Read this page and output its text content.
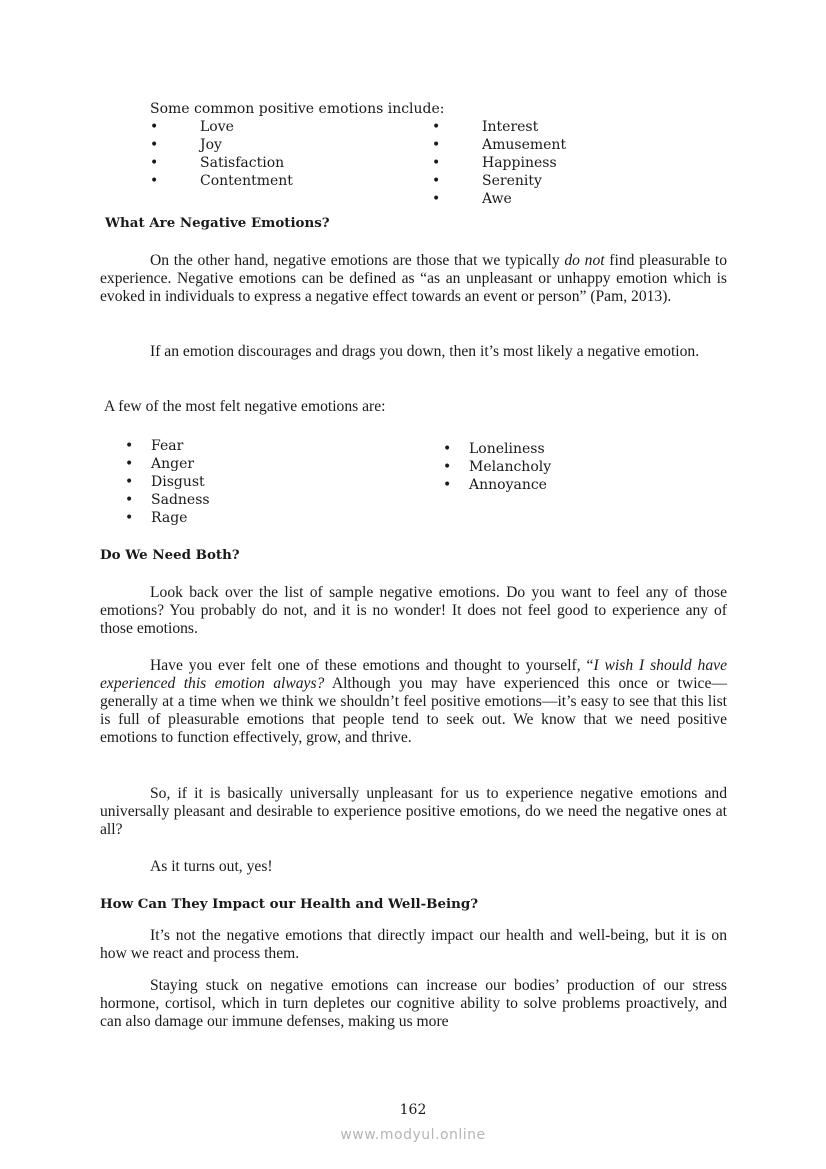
Some common positive emotions include:
•	Love
•	Joy
•	Satisfaction
•	Contentment
•	Interest
•	Amusement
•	Happiness
•	Serenity
•	Awe
What Are Negative Emotions?

On the other hand, negative emotions are those that we typically do not find pleasurable to experience. Negative emotions can be defined as “as an unpleasant or unhappy emotion which is evoked in individuals to express a negative effect towards an event or person” (Pam, 2013).

If an emotion discourages and drags you down, then it’s most likely a negative emotion.

A few of the most felt negative emotions are:

• Fear
• Anger
• Disgust
• Sadness
• Rage
• Loneliness
• Melancholy
• Annoyance
Do We Need Both?

Look back over the list of sample negative emotions. Do you want to feel any of those emotions? You probably do not, and it is no wonder! It does not feel good to experience any of those emotions.

Have you ever felt one of these emotions and thought to yourself, “I wish I should have experienced this emotion always? Although you may have experienced this once or twice—generally at a time when we think we shouldn’t feel positive emotions—it’s easy to see that this list is full of pleasurable emotions that people tend to seek out. We know that we need positive emotions to function effectively, grow, and thrive.

So, if it is basically universally unpleasant for us to experience negative emotions and universally pleasant and desirable to experience positive emotions, do we need the negative ones at all?

As it turns out, yes!

How Can They Impact our Health and Well-Being?

It’s not the negative emotions that directly impact our health and well-being, but it is on how we react and process them.

Staying stuck on negative emotions can increase our bodies’ production of our stress hormone, cortisol, which in turn depletes our cognitive ability to solve problems proactively, and can also damage our immune defenses, making us more

162
www.modyul.online
